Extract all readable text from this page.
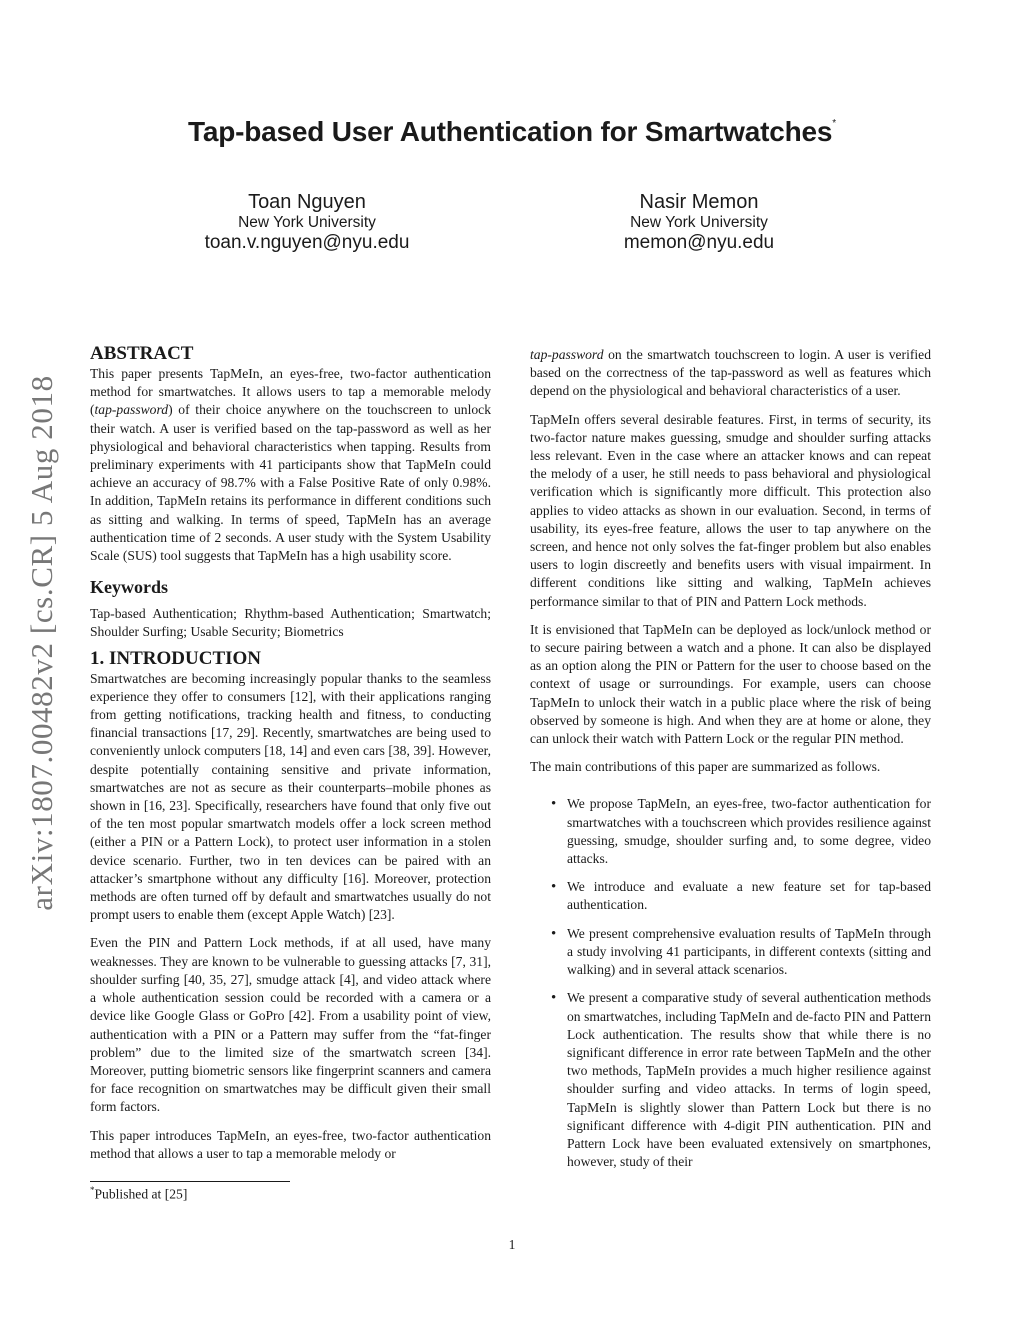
Tap-based User Authentication for Smartwatches*
Toan Nguyen
New York University
toan.v.nguyen@nyu.edu
Nasir Memon
New York University
memon@nyu.edu
arXiv:1807.00482v2 [cs.CR] 5 Aug 2018
ABSTRACT

This paper presents TapMeIn, an eyes-free, two-factor authentication method for smartwatches. It allows users to tap a memorable melody (tap-password) of their choice anywhere on the touchscreen to unlock their watch. A user is verified based on the tap-password as well as her physiological and behavioral characteristics when tapping. Results from preliminary experiments with 41 participants show that TapMeIn could achieve an accuracy of 98.7% with a False Positive Rate of only 0.98%. In addition, TapMeIn retains its performance in different conditions such as sitting and walking. In terms of speed, TapMeIn has an average authentication time of 2 seconds. A user study with the System Usability Scale (SUS) tool suggests that TapMeIn has a high usability score.

Keywords

Tap-based Authentication; Rhythm-based Authentication; Smartwatch; Shoulder Surfing; Usable Security; Biometrics

1. INTRODUCTION

Smartwatches are becoming increasingly popular thanks to the seamless experience they offer to consumers [12], with their applications ranging from getting notifications, tracking health and fitness, to conducting financial transactions [17, 29]. Recently, smartwatches are being used to conveniently unlock computers [18, 14] and even cars [38, 39]. However, despite potentially containing sensitive and private information, smartwatches are not as secure as their counterparts–mobile phones as shown in [16, 23]. Specifically, researchers have found that only five out of the ten most popular smartwatch models offer a lock screen method (either a PIN or a Pattern Lock), to protect user information in a stolen device scenario. Further, two in ten devices can be paired with an attacker’s smartphone without any difficulty [16]. Moreover, protection methods are often turned off by default and smartwatches usually do not prompt users to enable them (except Apple Watch) [23].

Even the PIN and Pattern Lock methods, if at all used, have many weaknesses. They are known to be vulnerable to guessing attacks [7, 31], shoulder surfing [40, 35, 27], smudge attack [4], and video attack where a whole authentication session could be recorded with a camera or a device like Google Glass or GoPro [42]. From a usability point of view, authentication with a PIN or a Pattern may suffer from the “fat-finger problem” due to the limited size of the smartwatch screen [34]. Moreover, putting biometric sensors like fingerprint scanners and camera for face recognition on smartwatches may be difficult given their small form factors.

This paper introduces TapMeIn, an eyes-free, two-factor authentication method that allows a user to tap a memorable melody or

tap-password on the smartwatch touchscreen to login. A user is verified based on the correctness of the tap-password as well as features which depend on the physiological and behavioral characteristics of a user.

TapMeIn offers several desirable features. First, in terms of security, its two-factor nature makes guessing, smudge and shoulder surfing attacks less relevant. Even in the case where an attacker knows and can repeat the melody of a user, he still needs to pass behavioral and physiological verification which is significantly more difficult. This protection also applies to video attacks as shown in our evaluation. Second, in terms of usability, its eyes-free feature, allows the user to tap anywhere on the screen, and hence not only solves the fat-finger problem but also enables users to login discreetly and benefits users with visual impairment. In different conditions like sitting and walking, TapMeIn achieves performance similar to that of PIN and Pattern Lock methods.

It is envisioned that TapMeIn can be deployed as lock/unlock method or to secure pairing between a watch and a phone. It can also be displayed as an option along the PIN or Pattern for the user to choose based on the context of usage or surroundings. For example, users can choose TapMeIn to unlock their watch in a public place where the risk of being observed by someone is high. And when they are at home or alone, they can unlock their watch with Pattern Lock or the regular PIN method.

The main contributions of this paper are summarized as follows.

• We propose TapMeIn, an eyes-free, two-factor authentication for smartwatches with a touchscreen which provides resilience against guessing, smudge, shoulder surfing and, to some degree, video attacks.
• We introduce and evaluate a new feature set for tap-based authentication.
• We present comprehensive evaluation results of TapMeIn through a study involving 41 participants, in different contexts (sitting and walking) and in several attack scenarios.
• We present a comparative study of several authentication methods on smartwatches, including TapMeIn and de-facto PIN and Pattern Lock authentication. The results show that while there is no significant difference in error rate between TapMeIn and the other two methods, TapMeIn provides a much higher resilience against shoulder surfing and video attacks. In terms of login speed, TapMeIn is slightly slower than Pattern Lock but there is no significant difference with 4-digit PIN authentication. PIN and Pattern Lock have been evaluated extensively on smartphones, however, study of their
*Published at [25]
1
